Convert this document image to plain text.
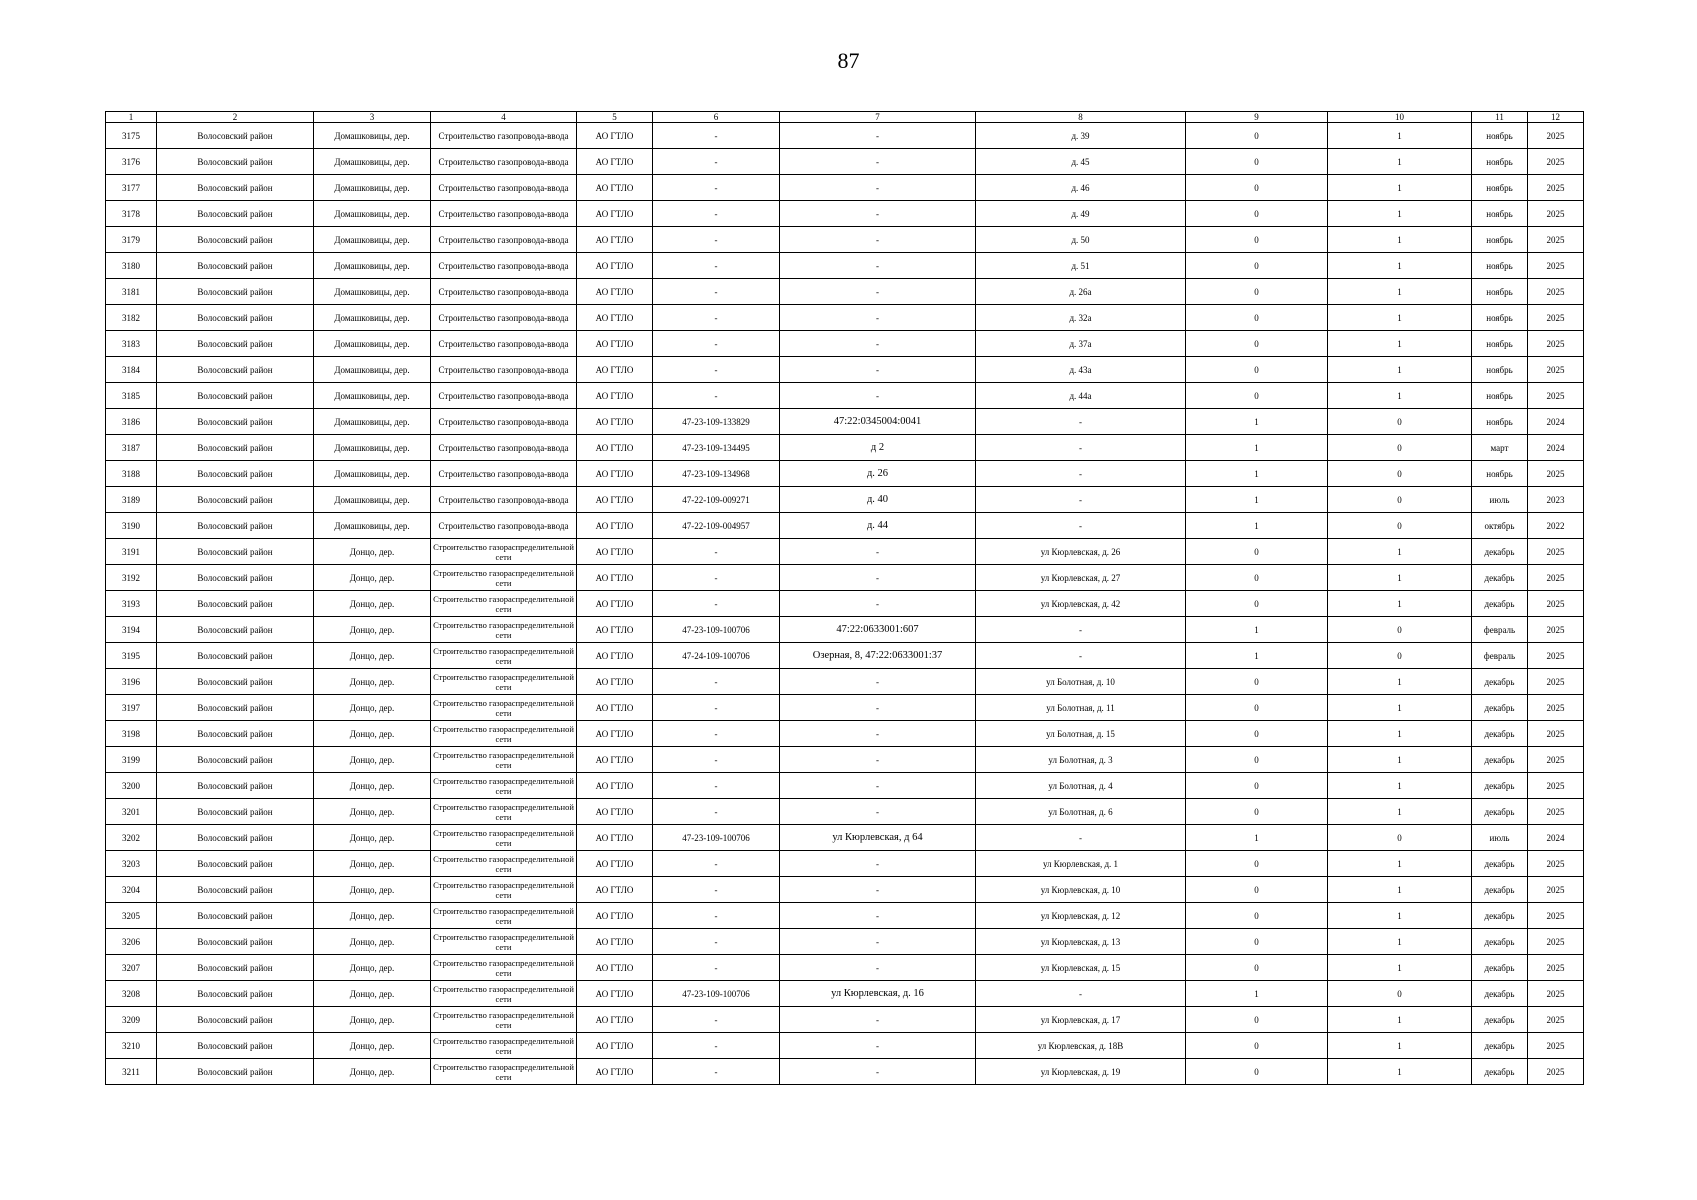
87
1	2	3	4	5	6	7	8	9	10	11	12
3175	Волосовский район	Домашковицы, дер.	Строительство газопровода-ввода	АО ГТЛО	-	-	д. 39	0	1	ноябрь	2025
3176	Волосовский район	Домашковицы, дер.	Строительство газопровода-ввода	АО ГТЛО	-	-	д. 45	0	1	ноябрь	2025
3177	Волосовский район	Домашковицы, дер.	Строительство газопровода-ввода	АО ГТЛО	-	-	д. 46	0	1	ноябрь	2025
3178	Волосовский район	Домашковицы, дер.	Строительство газопровода-ввода	АО ГТЛО	-	-	д. 49	0	1	ноябрь	2025
3179	Волосовский район	Домашковицы, дер.	Строительство газопровода-ввода	АО ГТЛО	-	-	д. 50	0	1	ноябрь	2025
3180	Волосовский район	Домашковицы, дер.	Строительство газопровода-ввода	АО ГТЛО	-	-	д. 51	0	1	ноябрь	2025
3181	Волосовский район	Домашковицы, дер.	Строительство газопровода-ввода	АО ГТЛО	-	-	д. 26а	0	1	ноябрь	2025
3182	Волосовский район	Домашковицы, дер.	Строительство газопровода-ввода	АО ГТЛО	-	-	д. 32а	0	1	ноябрь	2025
3183	Волосовский район	Домашковицы, дер.	Строительство газопровода-ввода	АО ГТЛО	-	-	д. 37а	0	1	ноябрь	2025
3184	Волосовский район	Домашковицы, дер.	Строительство газопровода-ввода	АО ГТЛО	-	-	д. 43а	0	1	ноябрь	2025
3185	Волосовский район	Домашковицы, дер.	Строительство газопровода-ввода	АО ГТЛО	-	-	д. 44а	0	1	ноябрь	2025
3186	Волосовский район	Домашковицы, дер.	Строительство газопровода-ввода	АО ГТЛО	47-23-109-133829	47:22:0345004:0041	-	1	0	ноябрь	2024
3187	Волосовский район	Домашковицы, дер.	Строительство газопровода-ввода	АО ГТЛО	47-23-109-134495	д 2	-	1	0	март	2024
3188	Волосовский район	Домашковицы, дер.	Строительство газопровода-ввода	АО ГТЛО	47-23-109-134968	д. 26	-	1	0	ноябрь	2025
3189	Волосовский район	Домашковицы, дер.	Строительство газопровода-ввода	АО ГТЛО	47-22-109-009271	д. 40	-	1	0	июль	2023
3190	Волосовский район	Домашковицы, дер.	Строительство газопровода-ввода	АО ГТЛО	47-22-109-004957	д. 44	-	1	0	октябрь	2022
3191	Волосовский район	Донцо, дер.	Строительство газораспределительной сети	АО ГТЛО	-	-	ул Кюрлевская, д. 26	0	1	декабрь	2025
3192	Волосовский район	Донцо, дер.	Строительство газораспределительной сети	АО ГТЛО	-	-	ул Кюрлевская, д. 27	0	1	декабрь	2025
3193	Волосовский район	Донцо, дер.	Строительство газораспределительной сети	АО ГТЛО	-	-	ул Кюрлевская, д. 42	0	1	декабрь	2025
3194	Волосовский район	Донцо, дер.	Строительство газораспределительной сети	АО ГТЛО	47-23-109-100706	47:22:0633001:607	-	1	0	февраль	2025
3195	Волосовский район	Донцо, дер.	Строительство газораспределительной сети	АО ГТЛО	47-24-109-100706	Озерная, 8, 47:22:0633001:37	-	1	0	февраль	2025
3196	Волосовский район	Донцо, дер.	Строительство газораспределительной сети	АО ГТЛО	-	-	ул Болотная, д. 10	0	1	декабрь	2025
3197	Волосовский район	Донцо, дер.	Строительство газораспределительной сети	АО ГТЛО	-	-	ул Болотная, д. 11	0	1	декабрь	2025
3198	Волосовский район	Донцо, дер.	Строительство газораспределительной сети	АО ГТЛО	-	-	ул Болотная, д. 15	0	1	декабрь	2025
3199	Волосовский район	Донцо, дер.	Строительство газораспределительной сети	АО ГТЛО	-	-	ул Болотная, д. 3	0	1	декабрь	2025
3200	Волосовский район	Донцо, дер.	Строительство газораспределительной сети	АО ГТЛО	-	-	ул Болотная, д. 4	0	1	декабрь	2025
3201	Волосовский район	Донцо, дер.	Строительство газораспределительной сети	АО ГТЛО	-	-	ул Болотная, д. 6	0	1	декабрь	2025
3202	Волосовский район	Донцо, дер.	Строительство газораспределительной сети	АО ГТЛО	47-23-109-100706	ул Кюрлевская, д 64	-	1	0	июль	2024
3203	Волосовский район	Донцо, дер.	Строительство газораспределительной сети	АО ГТЛО	-	-	ул Кюрлевская, д. 1	0	1	декабрь	2025
3204	Волосовский район	Донцо, дер.	Строительство газораспределительной сети	АО ГТЛО	-	-	ул Кюрлевская, д. 10	0	1	декабрь	2025
3205	Волосовский район	Донцо, дер.	Строительство газораспределительной сети	АО ГТЛО	-	-	ул Кюрлевская, д. 12	0	1	декабрь	2025
3206	Волосовский район	Донцо, дер.	Строительство газораспределительной сети	АО ГТЛО	-	-	ул Кюрлевская, д. 13	0	1	декабрь	2025
3207	Волосовский район	Донцо, дер.	Строительство газораспределительной сети	АО ГТЛО	-	-	ул Кюрлевская, д. 15	0	1	декабрь	2025
3208	Волосовский район	Донцо, дер.	Строительство газораспределительной сети	АО ГТЛО	47-23-109-100706	ул Кюрлевская, д. 16	-	1	0	декабрь	2025
3209	Волосовский район	Донцо, дер.	Строительство газораспределительной сети	АО ГТЛО	-	-	ул Кюрлевская, д. 17	0	1	декабрь	2025
3210	Волосовский район	Донцо, дер.	Строительство газораспределительной сети	АО ГТЛО	-	-	ул Кюрлевская, д. 18В	0	1	декабрь	2025
3211	Волосовский район	Донцо, дер.	Строительство газораспределительной сети	АО ГТЛО	-	-	ул Кюрлевская, д. 19	0	1	декабрь	2025
